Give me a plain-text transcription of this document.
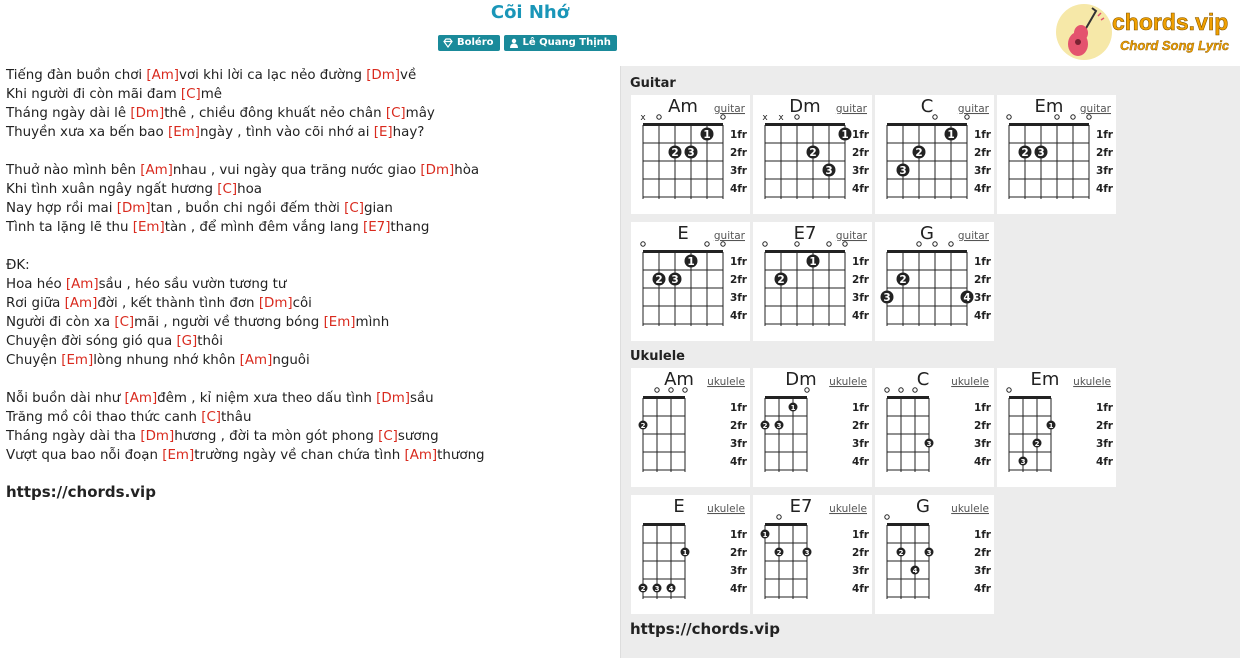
Cõi Nhớ
Boléro	Lê Quang Thịnh
chords.vip
Chord Song Lyric
Tiếng đàn buồn chơi [Am]vơi khi lời ca lạc nẻo đường [Dm]về
Khi người đi còn mãi đam [C]mê
Tháng ngày dài lê [Dm]thê , chiều đông khuất nẻo chân [C]mây
Thuyền xưa xa bến bao [Em]ngày , tình vào cõi nhớ ai [E]hay?
Thuở nào mình bên [Am]nhau , vui ngày qua trăng nước giao [Dm]hòa
Khi tình xuân ngây ngất hương [C]hoa
Nay hợp rồi mai [Dm]tan , buồn chi ngồi đếm thời [C]gian
Tình ta lặng lẽ thu [Em]tàn , để mình đêm vắng lang [E7]thang
ĐK:
Hoa héo [Am]sầu , héo sầu vườn tương tư
Rơi giữa [Am]đời , kết thành tình đơn [Dm]côi
Người đi còn xa [C]mãi , người về thương bóng [Em]mình
Chuyện đời sóng gió qua [G]thôi
Chuyện [Em]lòng nhung nhớ khôn [Am]nguôi
Nỗi buồn dài như [Am]đêm , kỉ niệm xưa theo dấu tình [Dm]sầu
Trăng mồ côi thao thức canh [C]thâu
Tháng ngày dài tha [Dm]hương , đời ta mòn gót phong [C]sương
Vượt qua bao nỗi đoạn [Em]trường ngày về chan chứa tình [Am]thương
https://chords.vip
Guitar
Am guitar
x
1fr
2fr
3fr
4fr
1
2 3
Dm guitar
x x
1fr
2fr
3fr
4fr
1
2
3
C guitar
1fr
2fr
3fr
4fr
1
2
3
Em guitar
1fr
2fr
3fr
4fr
2 3
E guitar
1fr
2fr
3fr
4fr
1
2 3
E7 guitar
1fr
2fr
3fr
4fr
1
2
G guitar
1fr
2fr
3fr
4fr
2
3	4
Ukulele
Am ukulele
1fr
2fr
3fr
4fr
2
Dm ukulele
1fr
2fr
3fr
4fr
1
2 3
C ukulele
1fr
2fr
3fr
4fr
3
Em ukulele
1fr
2fr
3fr
4fr
1
2
3
E ukulele
1fr
2fr
3fr
4fr
1
2 3 4
E7 ukulele
1fr
2fr
3fr
4fr
1
2	3
G ukulele
1fr
2fr
3fr
4fr
2	3
4
https://chords.vip
